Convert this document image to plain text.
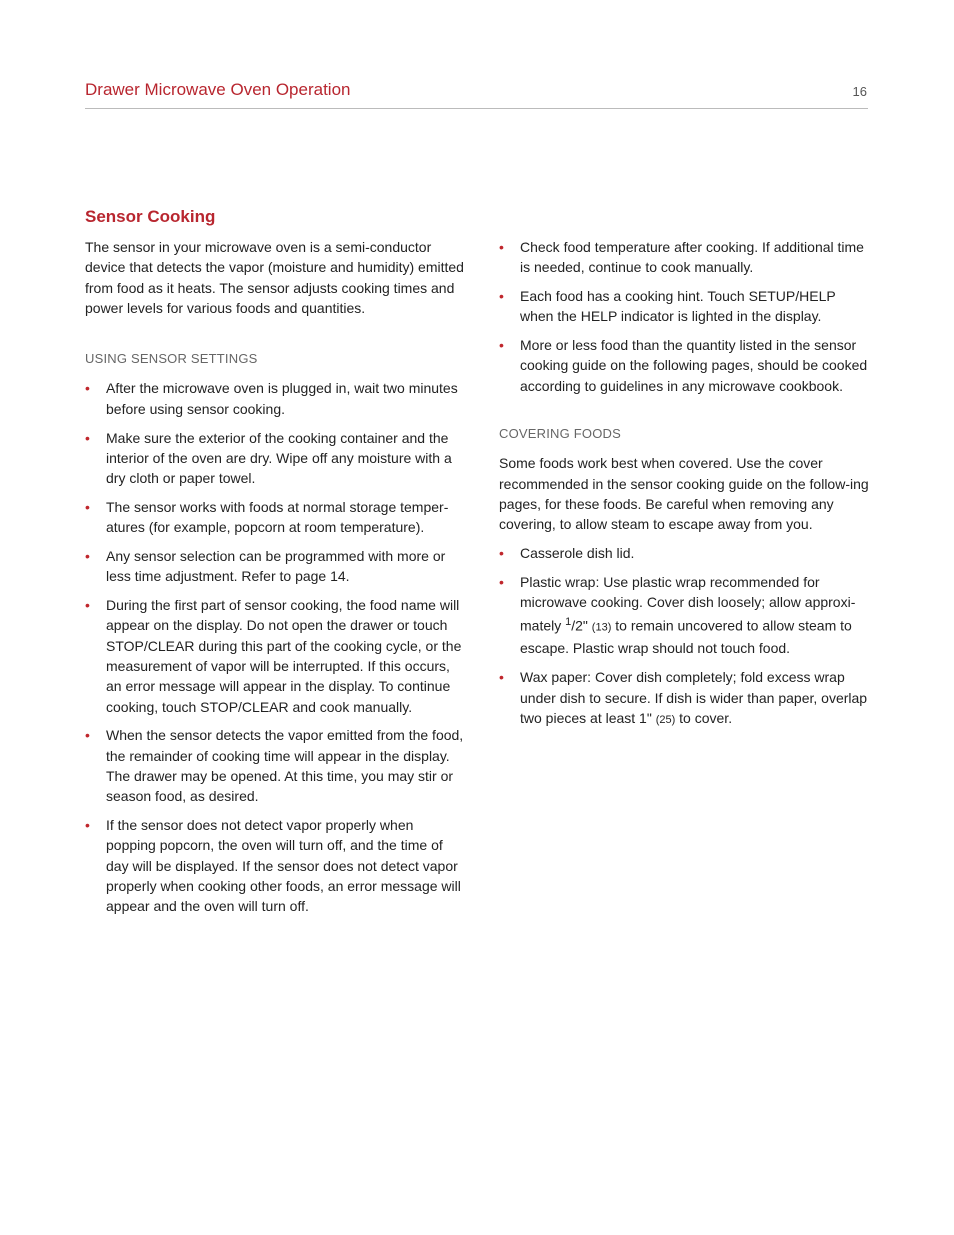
Drawer Microwave Oven Operation	16
Sensor Cooking

The sensor in your microwave oven is a semi-conductor device that detects the vapor (moisture and humidity) emitted from food as it heats. The sensor adjusts cooking times and power levels for various foods and quantities.

USING SENSOR SETTINGS
• After the microwave oven is plugged in, wait two minutes before using sensor cooking.
• Make sure the exterior of the cooking container and the interior of the oven are dry. Wipe off any moisture with a dry cloth or paper towel.
• The sensor works with foods at normal storage temper-atures (for example, popcorn at room temperature).
• Any sensor selection can be programmed with more or less time adjustment. Refer to page 14.
• During the first part of sensor cooking, the food name will appear on the display. Do not open the drawer or touch STOP/CLEAR during this part of the cooking cycle, or the measurement of vapor will be interrupted. If this occurs, an error message will appear in the display. To continue cooking, touch STOP/CLEAR and cook manually.
• When the sensor detects the vapor emitted from the food, the remainder of cooking time will appear in the display. The drawer may be opened. At this time, you may stir or season food, as desired.
• If the sensor does not detect vapor properly when popping popcorn, the oven will turn off, and the time of day will be displayed. If the sensor does not detect vapor properly when cooking other foods, an error message will appear and the oven will turn off.
• Check food temperature after cooking. If additional time is needed, continue to cook manually.
• Each food has a cooking hint. Touch SETUP/HELP when the HELP indicator is lighted in the display.
• More or less food than the quantity listed in the sensor cooking guide on the following pages, should be cooked according to guidelines in any microwave cookbook.
COVERING FOODS

Some foods work best when covered. Use the cover recommended in the sensor cooking guide on the follow-ing pages, for these foods. Be careful when removing any covering, to allow steam to escape away from you.

• Casserole dish lid.
• Plastic wrap: Use plastic wrap recommended for microwave cooking. Cover dish loosely; allow approxi-mately $^1$/2" (13) to remain uncovered to allow steam to escape. Plastic wrap should not touch food.
• Wax paper: Cover dish completely; fold excess wrap under dish to secure. If dish is wider than paper, overlap two pieces at least 1" (25) to cover.
